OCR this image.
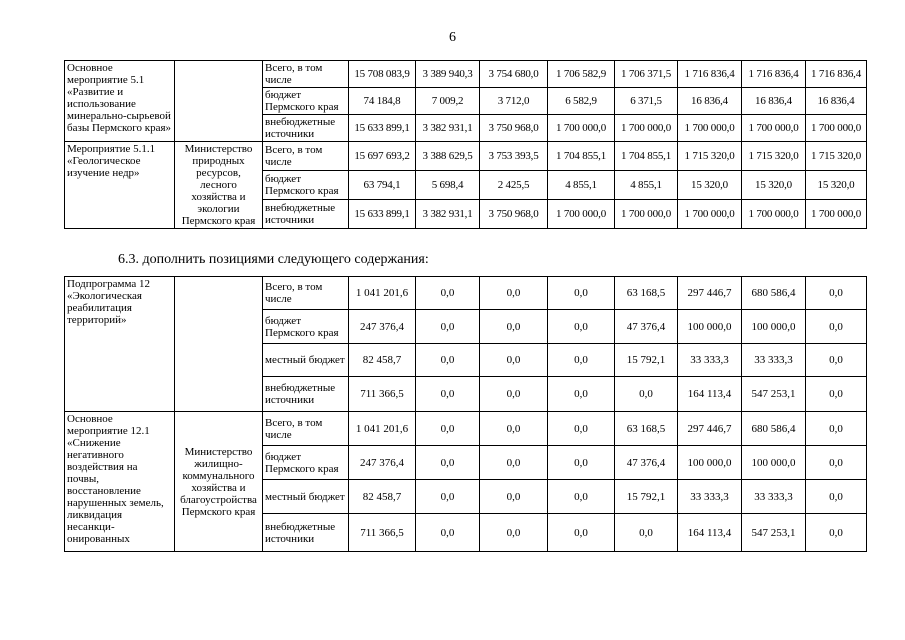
6
Основное мероприятие 5.1 «Развитие и использование минерально-сырьевой базы Пермского края»		Всего, в том числе	15 708 083,9	3 389 940,3	3 754 680,0	1 706 582,9	1 706 371,5	1 716 836,4	1 716 836,4	1 716 836,4
		бюджет Пермского края	74 184,8	7 009,2	3 712,0	6 582,9	6 371,5	16 836,4	16 836,4	16 836,4
		внебюджетные источники	15 633 899,1	3 382 931,1	3 750 968,0	1 700 000,0	1 700 000,0	1 700 000,0	1 700 000,0	1 700 000,0
Мероприятие 5.1.1 «Геологическое изучение недр»	Министерство природных ресурсов, лесного хозяйства и экологии Пермского края	Всего, в том числе	15 697 693,2	3 388 629,5	3 753 393,5	1 704 855,1	1 704 855,1	1 715 320,0	1 715 320,0	1 715 320,0
		бюджет Пермского края	63 794,1	5 698,4	2 425,5	4 855,1	4 855,1	15 320,0	15 320,0	15 320,0
		внебюджетные источники	15 633 899,1	3 382 931,1	3 750 968,0	1 700 000,0	1 700 000,0	1 700 000,0	1 700 000,0	1 700 000,0
6.3. дополнить позициями следующего содержания:
Подпрограмма 12 «Экологическая реабилитация территорий»		Всего, в том числе	1 041 201,6	0,0	0,0	0,0	63 168,5	297 446,7	680 586,4	0,0
		бюджет Пермского края	247 376,4	0,0	0,0	0,0	47 376,4	100 000,0	100 000,0	0,0
		местный бюджет	82 458,7	0,0	0,0	0,0	15 792,1	33 333,3	33 333,3	0,0
		внебюджетные источники	711 366,5	0,0	0,0	0,0	0,0	164 113,4	547 253,1	0,0
Основное мероприятие 12.1 «Снижение негативного воздействия на почвы, восстановление нарушенных земель, ликвидация несанкци-онированных	Министерство жилищно-коммунального хозяйства и благоустройства Пермского края	Всего, в том числе	1 041 201,6	0,0	0,0	0,0	63 168,5	297 446,7	680 586,4	0,0
		бюджет Пермского края	247 376,4	0,0	0,0	0,0	47 376,4	100 000,0	100 000,0	0,0
		местный бюджет	82 458,7	0,0	0,0	0,0	15 792,1	33 333,3	33 333,3	0,0
		внебюджетные источники	711 366,5	0,0	0,0	0,0	0,0	164 113,4	547 253,1	0,0
